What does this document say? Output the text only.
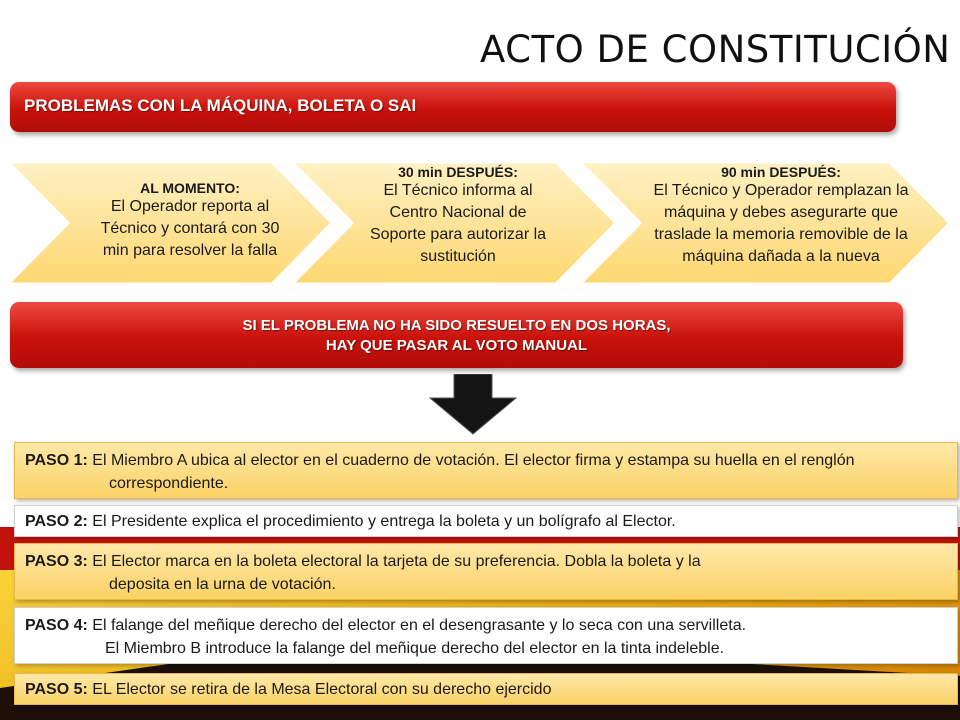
ACTO DE CONSTITUCIÓN
PROBLEMAS CON LA MÁQUINA, BOLETA O SAI
AL MOMENTO:
El Operador reporta al
Técnico y contará con 30
min para resolver la falla
30 min DESPUÉS:
El Técnico informa al
Centro Nacional de
Soporte para autorizar la
sustitución
90 min DESPUÉS:
El Técnico y Operador remplazan la
máquina y debes asegurarte que
traslade la memoria removible de la
máquina dañada a la nueva
SI EL PROBLEMA NO HA SIDO RESUELTO EN DOS HORAS,
HAY QUE PASAR AL VOTO MANUAL
PASO 1: El Miembro A ubica al elector en el cuaderno de votación. El elector firma y estampa su huella en el renglón
correspondiente.
PASO 2: El Presidente explica el procedimiento y entrega la boleta y un bolígrafo al Elector.
PASO 3: El Elector marca en la boleta electoral la tarjeta de su preferencia. Dobla la boleta y la
deposita en la urna de votación.
PASO 4: El falange del meñique derecho del elector en el desengrasante y lo seca con una servilleta.
El Miembro B introduce la falange del meñique derecho del elector en la tinta indeleble.
PASO 5: EL Elector se retira de la Mesa Electoral con su derecho ejercido
